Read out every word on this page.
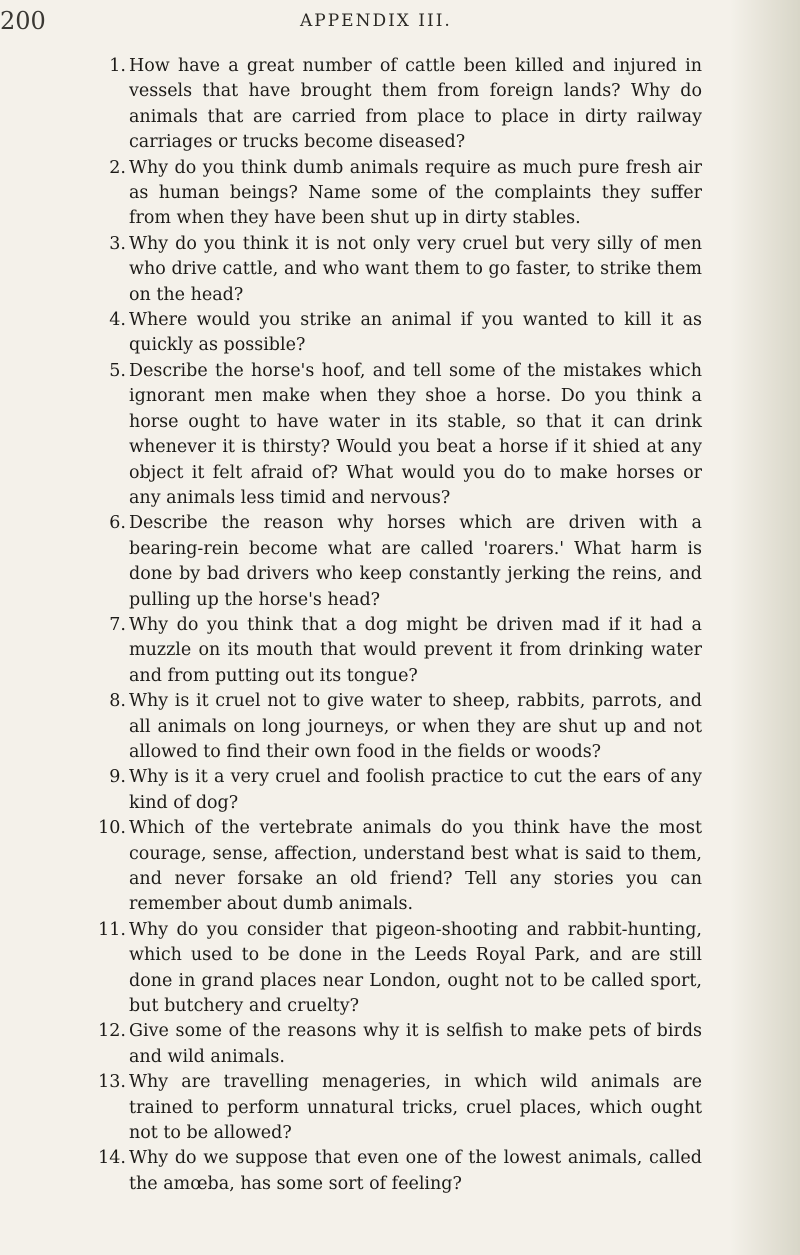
200	APPENDIX III.
1. How have a great number of cattle been killed and injured in vessels that have brought them from foreign lands? Why do animals that are carried from place to place in dirty railway carriages or trucks become diseased?
2. Why do you think dumb animals require as much pure fresh air as human beings? Name some of the complaints they suffer from when they have been shut up in dirty stables.
3. Why do you think it is not only very cruel but very silly of men who drive cattle, and who want them to go faster, to strike them on the head?
4. Where would you strike an animal if you wanted to kill it as quickly as possible?
5. Describe the horse's hoof, and tell some of the mistakes which ignorant men make when they shoe a horse. Do you think a horse ought to have water in its stable, so that it can drink whenever it is thirsty? Would you beat a horse if it shied at any object it felt afraid of? What would you do to make horses or any animals less timid and nervous?
6. Describe the reason why horses which are driven with a bearing-rein become what are called 'roarers.' What harm is done by bad drivers who keep constantly jerking the reins, and pulling up the horse's head?
7. Why do you think that a dog might be driven mad if it had a muzzle on its mouth that would prevent it from drinking water and from putting out its tongue?
8. Why is it cruel not to give water to sheep, rabbits, parrots, and all animals on long journeys, or when they are shut up and not allowed to find their own food in the fields or woods?
9. Why is it a very cruel and foolish practice to cut the ears of any kind of dog?
10. Which of the vertebrate animals do you think have the most courage, sense, affection, understand best what is said to them, and never forsake an old friend? Tell any stories you can remember about dumb animals.
11. Why do you consider that pigeon-shooting and rabbit-hunting, which used to be done in the Leeds Royal Park, and are still done in grand places near London, ought not to be called sport, but butchery and cruelty?
12. Give some of the reasons why it is selfish to make pets of birds and wild animals.
13. Why are travelling menageries, in which wild animals are trained to perform unnatural tricks, cruel places, which ought not to be allowed?
14. Why do we suppose that even one of the lowest animals, called the amœba, has some sort of feeling?
